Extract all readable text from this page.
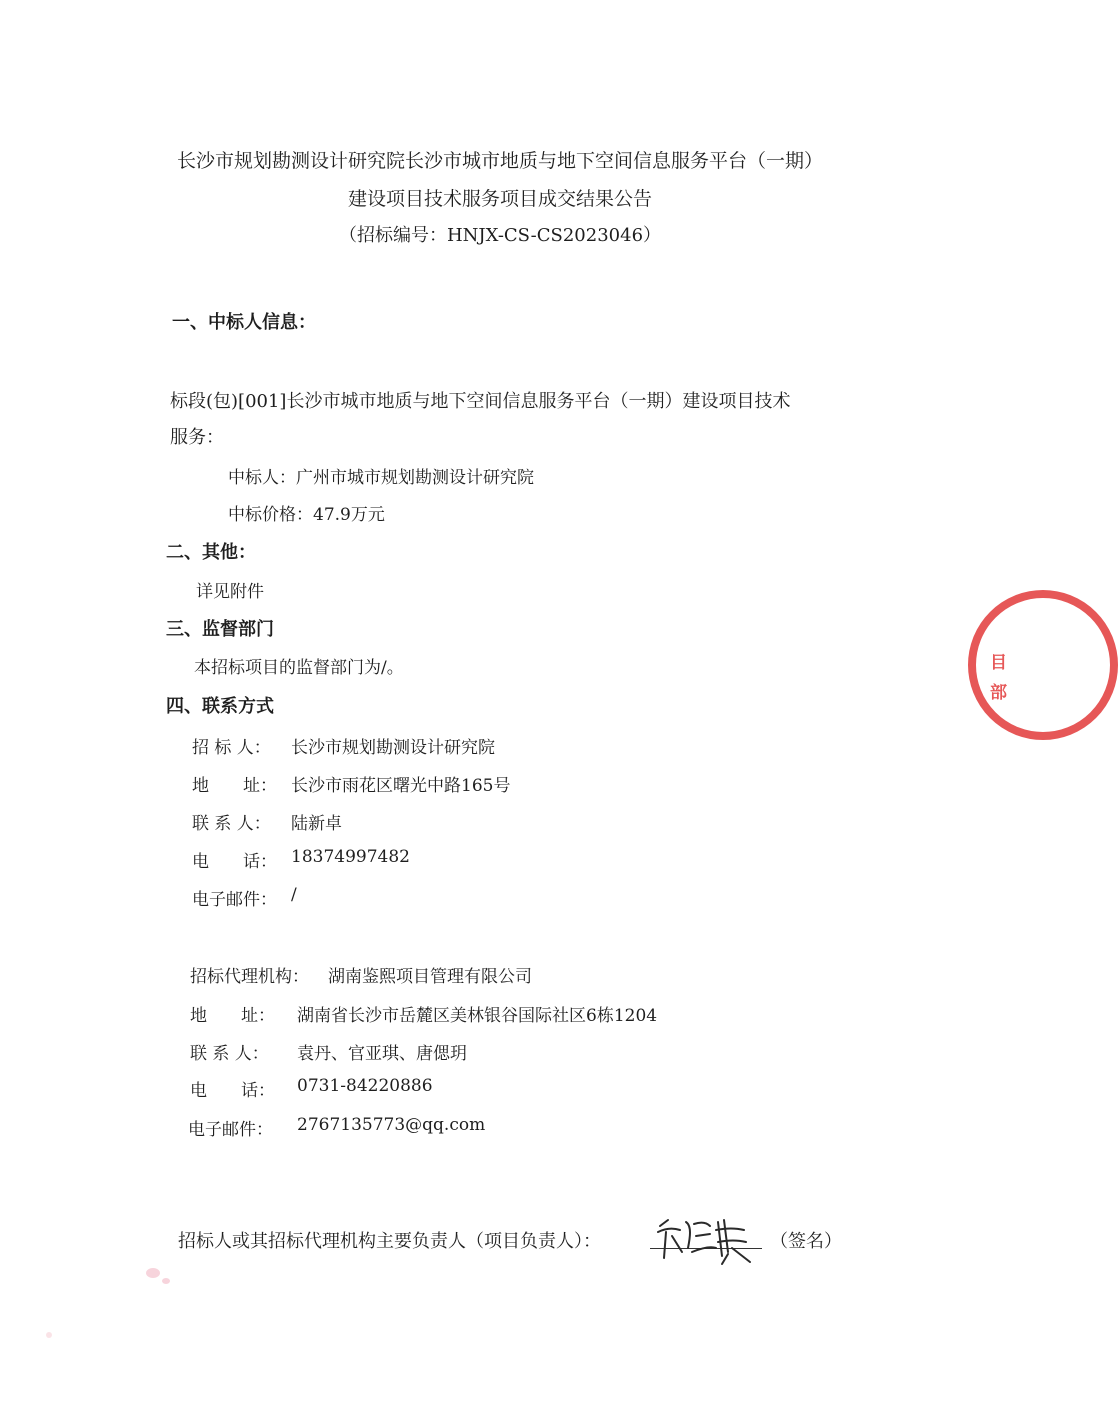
长沙市规划勘测设计研究院长沙市城市地质与地下空间信息服务平台（一期）
建设项目技术服务项目成交结果公告
（招标编号：HNJX-CS-CS2023046）
一、中标人信息：
标段(包)[001]长沙市城市地质与地下空间信息服务平台（一期）建设项目技术
服务：
中标人：广州市城市规划勘测设计研究院
中标价格：47.9万元
二、其他：
详见附件
三、监督部门
本招标项目的监督部门为/。
四、联系方式
招 标 人： 长沙市规划勘测设计研究院
地　　址： 长沙市雨花区曙光中路165号
联 系 人： 陆新卓
电　　话： 18374997482
电子邮件： /
招标代理机构： 湖南鉴熙项目管理有限公司
地　　址： 湖南省长沙市岳麓区美林银谷国际社区6栋1204
联 系 人： 袁丹、官亚琪、唐偲玥
电　　话： 0731-84220886
电子邮件： 2767135773@qq.com
招标人或其招标代理机构主要负责人（项目负责人）：	（签名）
目
部
